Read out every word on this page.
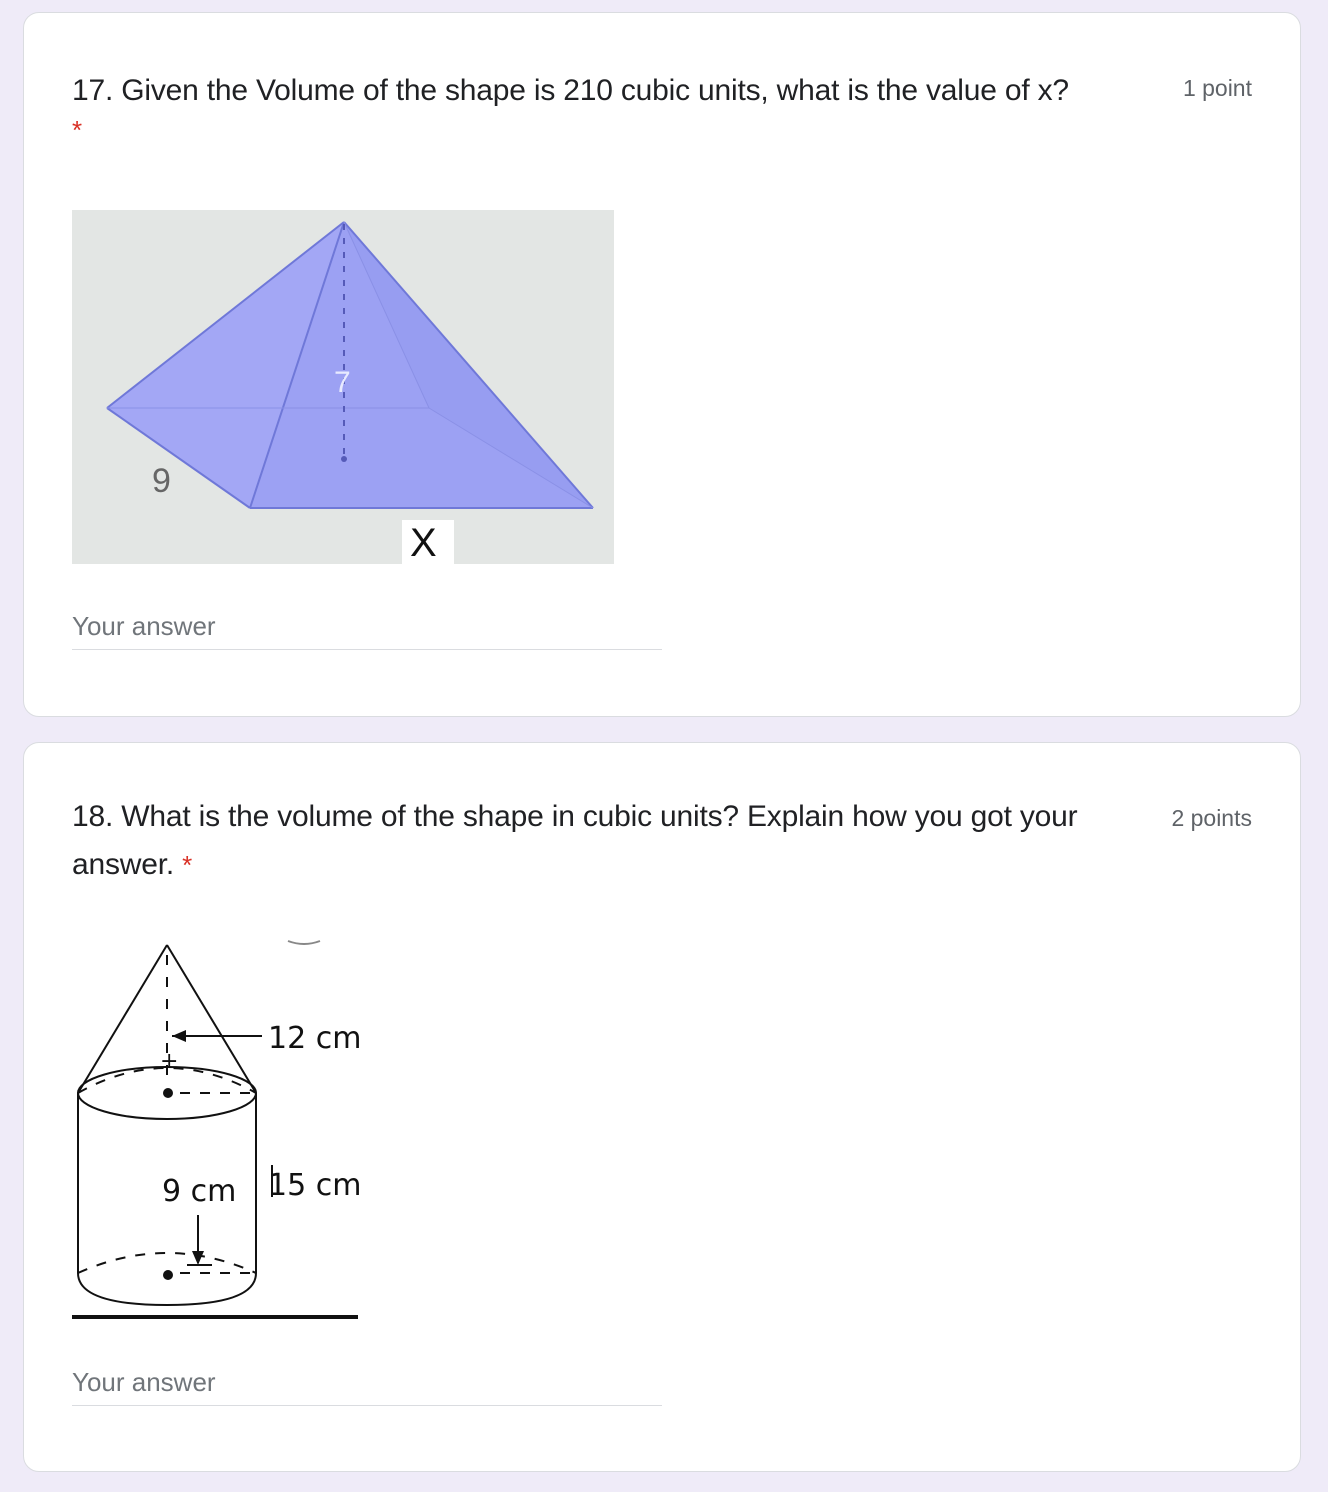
17. Given the Volume of the shape is 210 cubic units, what is the value of x?	1 point
*
7
9
X
Your answer
18. What is the volume of the shape in cubic units? Explain how you got your answer. *
2 points
+
12 cm
15 cm
9 cm
Your answer
